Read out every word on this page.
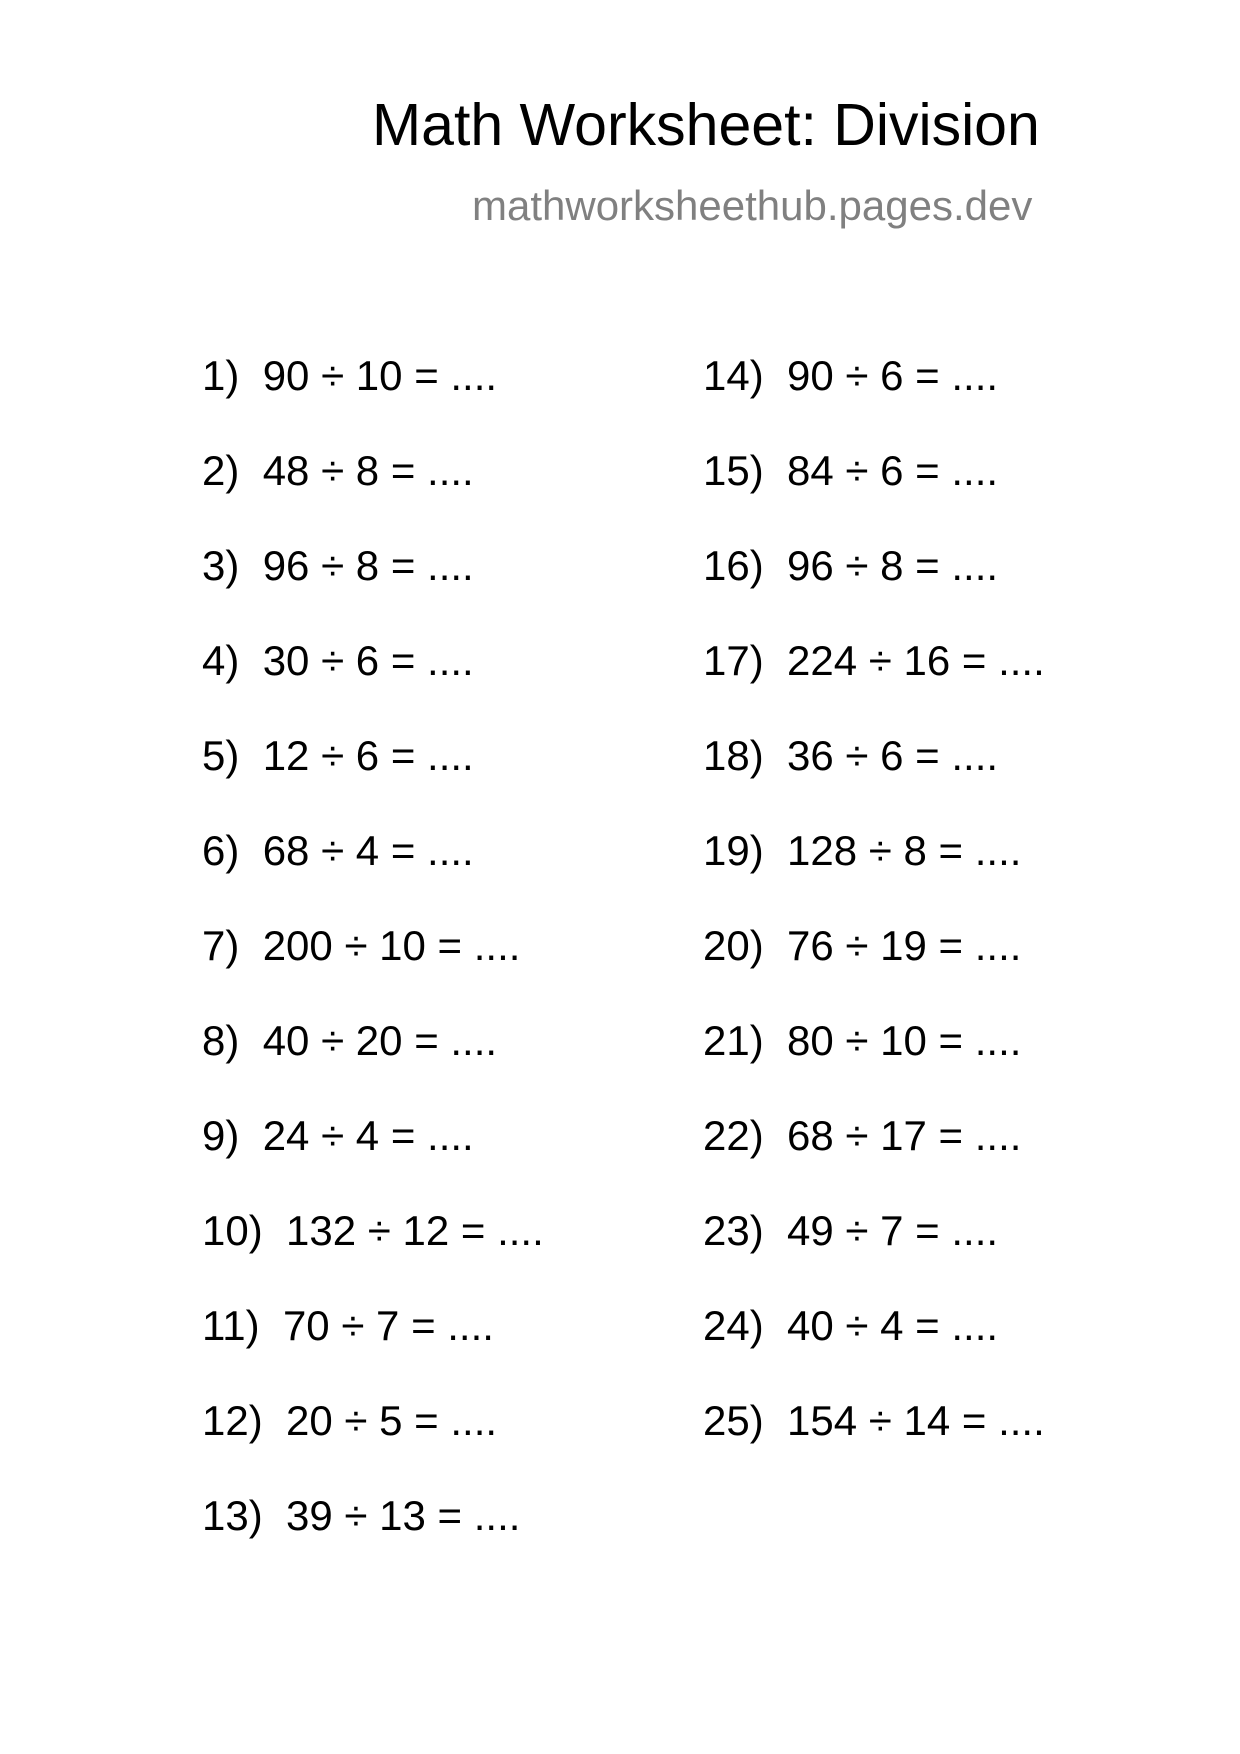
Math Worksheet: Division
mathworksheethub.pages.dev
1) 90 ÷ 10 = ....
2) 48 ÷ 8 = ....
3) 96 ÷ 8 = ....
4) 30 ÷ 6 = ....
5) 12 ÷ 6 = ....
6) 68 ÷ 4 = ....
7) 200 ÷ 10 = ....
8) 40 ÷ 20 = ....
9) 24 ÷ 4 = ....
10) 132 ÷ 12 = ....
11) 70 ÷ 7 = ....
12) 20 ÷ 5 = ....
13) 39 ÷ 13 = ....
14) 90 ÷ 6 = ....
15) 84 ÷ 6 = ....
16) 96 ÷ 8 = ....
17) 224 ÷ 16 = ....
18) 36 ÷ 6 = ....
19) 128 ÷ 8 = ....
20) 76 ÷ 19 = ....
21) 80 ÷ 10 = ....
22) 68 ÷ 17 = ....
23) 49 ÷ 7 = ....
24) 40 ÷ 4 = ....
25) 154 ÷ 14 = ....
